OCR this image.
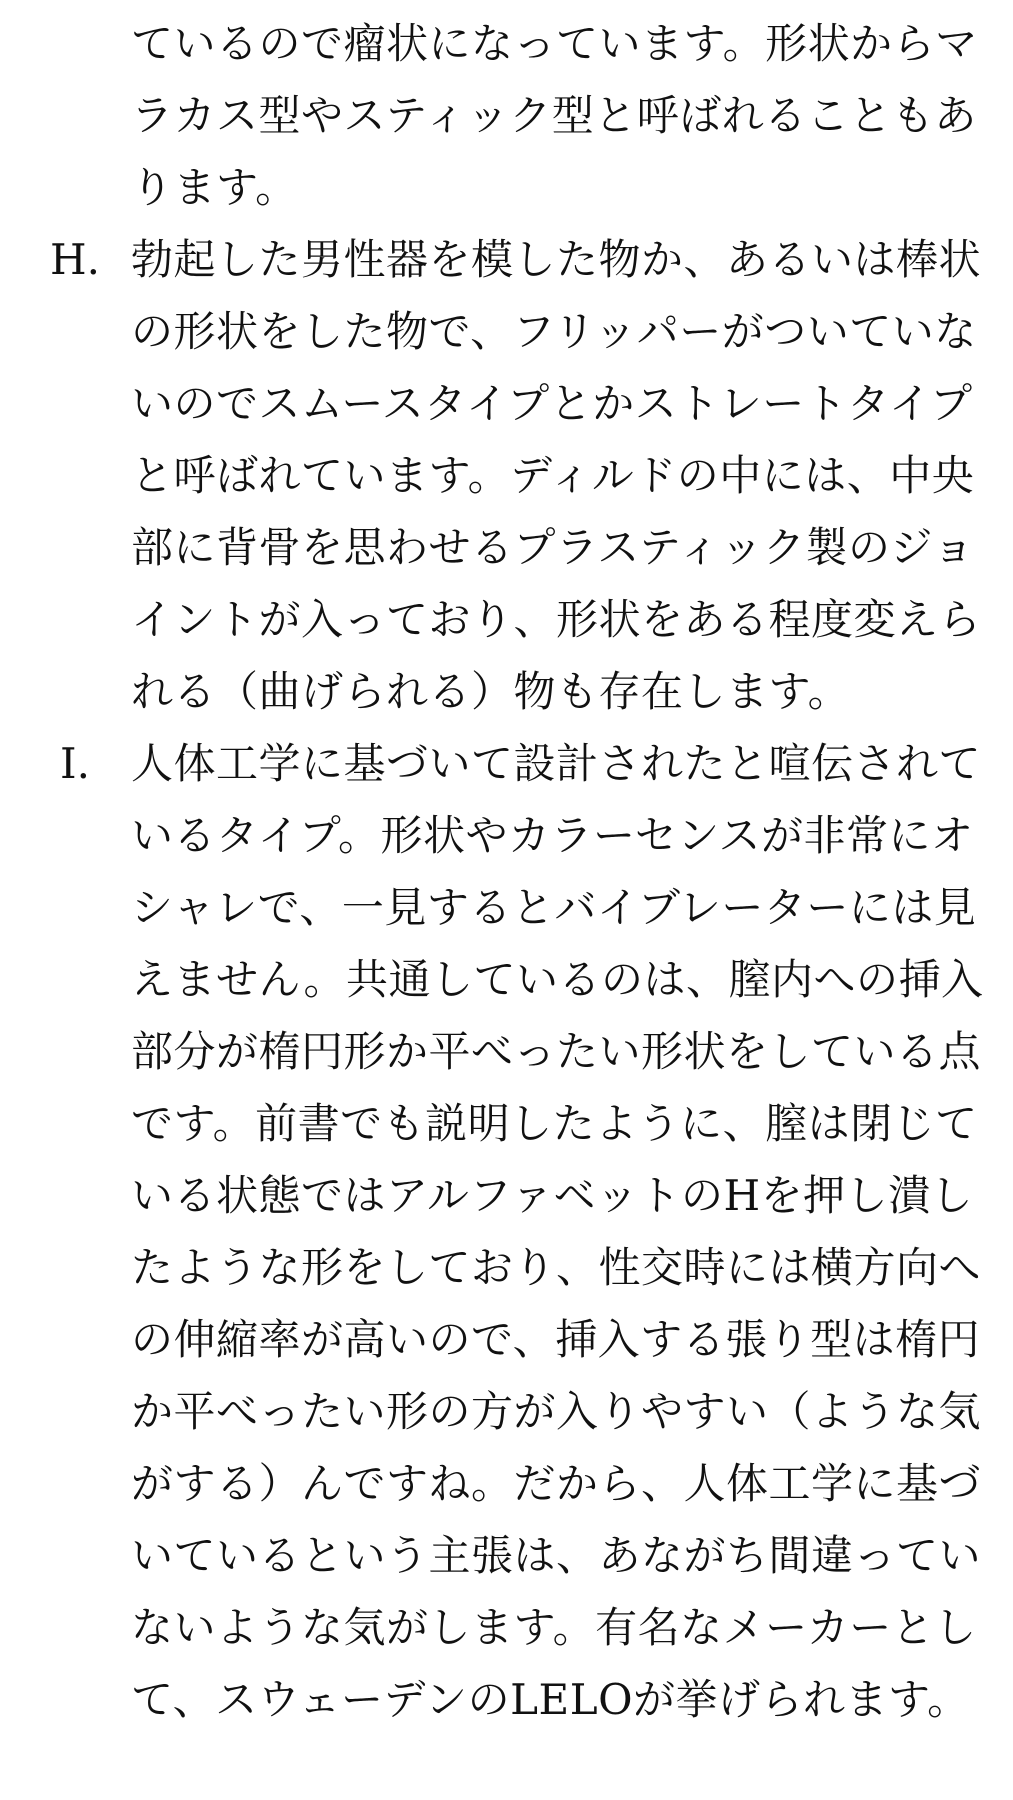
ているので瘤状になっています。形状からマ
ラカス型やスティック型と呼ばれることもあ
ります。
H. 勃起した男性器を模した物か、あるいは棒状
の形状をした物で、フリッパーがついていな
いのでスムースタイプとかストレートタイプ
と呼ばれています。ディルドの中には、中央
部に背骨を思わせるプラスティック製のジョ
イントが入っており、形状をある程度変えら
れる（曲げられる）物も存在します。
I. 人体工学に基づいて設計されたと喧伝されて
いるタイプ。形状やカラーセンスが非常にオ
シャレで、一見するとバイブレーターには見
えません。共通しているのは、膣内への挿入
部分が楕円形か平べったい形状をしている点
です。前書でも説明したように、膣は閉じて
いる状態ではアルファベットのHを押し潰し
たような形をしており、性交時には横方向へ
の伸縮率が高いので、挿入する張り型は楕円
か平べったい形の方が入りやすい（ような気
がする）んですね。だから、人体工学に基づ
いているという主張は、あながち間違ってい
ないような気がします。有名なメーカーとし
て、スウェーデンのLELOが挙げられます。
